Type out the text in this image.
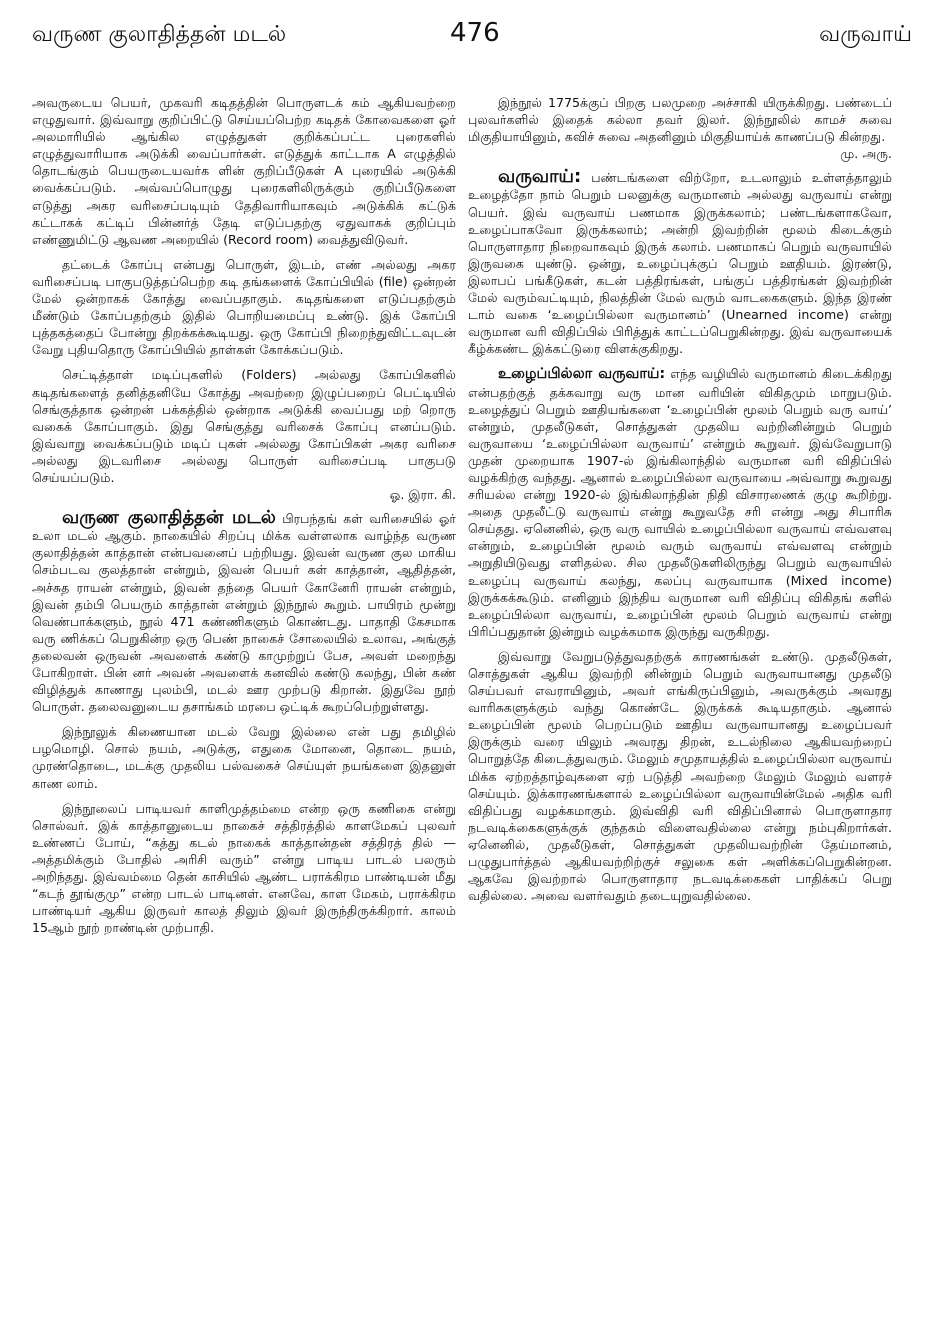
வருண குலாதித்தன் மடல்	476	வருவாய்

அவருடைய பெயர், முகவரி கடிதத்தின் பொருளடக் கம் ஆகியவற்றை எழுதுவார். இவ்வாறு குறிப்பிட்டு செய்யப்பெற்ற கடிதக் கோவைகளை ஓர் அலமாரியில் ஆங்கில எழுத்துகள் குறிக்கப்பட்ட புரைகளில் எழுத்துவாரியாக அடுக்கி வைப்பார்கள். எடுத்துக் காட்டாக A எழுத்தில் தொடங்கும் பெயருடையவர்க ளின் குறிப்பீடுகள் A புரையில் அடுக்கி வைக்கப்படும். அவ்வப்பொழுது புரைகளிலிருக்கும் குறிப்பீடுகளை எடுத்து அகர வரிசைப்படியும் தேதிவாரியாகவும் அடுக்கிக் கட்டுக் கட்டாகக் கட்டிப் பின்னர்த் தேடி எடுப்பதற்கு ஏதுவாகக் குறிப்பும் எண்ணுமிட்டு ஆவண அறையில் (Record room) வைத்துவிடுவர்.

தட்டைக் கோப்பு என்பது பொருள், இடம், எண் அல்லது அகர வரிசைப்படி பாகுபடுத்தப்பெற்ற கடி தங்களைக் கோப்பியில் (file) ஒன்றன் மேல் ஒன்றாகக் கோத்து வைப்பதாகும். கடிதங்களை எடுப்பதற்கும் மீண்டும் கோப்பதற்கும் இதில் பொறியமைப்பு உண்டு. இக் கோப்பி புத்தகத்தைப் போன்று திறக்கக்கூடியது. ஒரு கோப்பி நிறைந்துவிட்டவுடன் வேறு புதியதொரு கோப்பியில் தாள்கள் கோக்கப்படும்.

செட்டித்தாள் மடிப்புகளில் (Folders) அல்லது கோப்பிகளில் கடிதங்களைத் தனித்தனியே கோத்து அவற்றை இழுப்பறைப் பெட்டியில் செங்குத்தாக ஒன்றன் பக்கத்தில் ஒன்றாக அடுக்கி வைப்பது மற் றொரு வகைக் கோப்பாகும். இது செங்குத்து வரிசைக் கோப்பு எனப்படும். இவ்வாறு வைக்கப்படும் மடிப் புகள் அல்லது கோப்பிகள் அகர வரிசை அல்லது இடவரிசை அல்லது பொருள் வரிசைப்படி பாகுபடு செய்யப்படும்.

ஓ. இரா. கி.

வருண குலாதித்தன் மடல் பிரபந்தங் கள் வரிசையில் ஓர் உலா மடல் ஆகும். நாகையில் சிறப்பு மிக்க வள்ளலாக வாழ்ந்த வருண குலாதித்தன் காத்தான் என்பவனைப் பற்றியது. இவன் வருண குல மாகிய செம்படவ குலத்தான் என்றும், இவன் பெயர் கள் காத்தான், ஆதித்தன், அச்சுத ராயன் என்றும், இவன் தந்தை பெயர் கோனேரி ராயன் என்றும், இவன் தம்பி பெயரும் காத்தான் என்றும் இந்நூல் கூறும். பாயிரம் மூன்று வெண்பாக்களும், நூல் 471 கண்ணிகளும் கொண்டது. பாதாதி கேசமாக வரு ணிக்கப் பெறுகின்ற ஒரு பெண் நாகைச் சோலையில் உலாவ, அங்குத் தலைவன் ஒருவன் அவளைக் கண்டு காமுற்றுப் பேச, அவள் மறைந்து போகிறாள். பின் னர் அவன் அவளைக் கனவில் கண்டு கலந்து, பின் கண் விழித்துக் காணாது புலம்பி, மடல் ஊர முற்படு கிறான். இதுவே நூற் பொருள். தலைவனுடைய தசாங்கம் மரபை ஒட்டிக் கூறப்பெற்றுள்ளது.

இந்நூலுக் கிணையான மடல் வேறு இல்லை என் பது தமிழில் பழமொழி. சொல் நயம், அடுக்கு, எதுகை மோனை, தொடை நயம், முரண்தொடை, மடக்கு முதலிய பல்வகைச் செய்யுள் நயங்களை இதனுள் காண லாம்.

இந்நூலைப் பாடியவர் காளிமுத்தம்மை என்ற ஒரு கணிகை என்று சொல்வர். இக் காத்தானுடைய நாகைச் சத்திரத்தில் காளமேகப் புலவர் உண்ணப் போய், “கத்து கடல் நாகைக் காத்தான்தன் சத்திரத் தில் — அத்தமிக்கும் போதில் அரிசி வரும்” என்று பாடிய பாடல் பலரும் அறிந்தது. இவ்வம்மை தென் காசியில் ஆண்ட பராக்கிரம பாண்டியன் மீது “கடந் தூங்குமு” என்ற பாடல் பாடினள். எனவே, காள மேகம், பராக்கிரம பாண்டியர் ஆகிய இருவர் காலத் திலும் இவர் இருந்திருக்கிறார். காலம் 15ஆம் நூற் றாண்டின் முற்பாதி.

இந்நூல் 1775க்குப் பிறகு பலமுறை அச்சாகி யிருக்கிறது. பண்டைப் புலவர்களில் இதைக் கல்லா தவர் இலர். இந்நூலில் காமச் சுவை மிகுதியாயினும், கவிச் சுவை அதனினும் மிகுதியாய்க் காணப்படு கின்றது.

மு. அரு.

வருவாய்: பண்டங்களை விற்றோ, உடலாலும் உள்ளத்தாலும் உழைத்தோ நாம் பெறும் பலனுக்கு வருமானம் அல்லது வருவாய் என்று பெயர். இவ் வருவாய் பணமாக இருக்கலாம்; பண்டங்களாகவோ, உழைப்பாகவோ இருக்கலாம்; அன்றி இவற்றின் மூலம் கிடைக்கும் பொருளாதார நிறைவாகவும் இருக் கலாம். பணமாகப் பெறும் வருவாயில் இருவகை யுண்டு. ஒன்று, உழைப்புக்குப் பெறும் ஊதியம். இரண்டு, இலாபப் பங்கீடுகள், கடன் பத்திரங்கள், பங்குப் பத்திரங்கள் இவற்றின் மேல் வரும்வட்டியும், நிலத்தின் மேல் வரும் வாடகைகளும். இந்த இரண் டாம் வகை ‘உழைப்பில்லா வருமானம்’ (Unearned income) என்று வருமான வரி விதிப்பில் பிரித்துக் காட்டப்பெறுகின்றது. இவ் வருவாயைக் கீழ்க்கண்ட இக்கட்டுரை விளக்குகிறது.

உழைப்பில்லா வருவாய்: எந்த வழியில் வருமானம் கிடைக்கிறது என்பதற்குத் தக்கவாறு வரு மான வரியின் விகிதமும் மாறுபடும். உழைத்துப் பெறும் ஊதியங்களை ‘உழைப்பின் மூலம் பெறும் வரு வாய்’ என்றும், முதலீடுகள், சொத்துகள் முதலிய வற்றினின்றும் பெறும் வருவாயை ‘உழைப்பில்லா வருவாய்’ என்றும் கூறுவர். இவ்வேறுபாடு முதன் முறையாக 1907-ல் இங்கிலாந்தில் வருமான வரி விதிப்பில் வழக்கிற்கு வந்தது. ஆனால் உழைப்பில்லா வருவாயை அவ்வாறு கூறுவது சரியல்ல என்று 1920-ல் இங்கிலாந்தின் நிதி விசாரணைக் குழு கூறிற்று. அதை முதலீட்டு வருவாய் என்று கூறுவதே சரி என்று அது சிபாரிசு செய்தது. ஏனெனில், ஒரு வரு வாயில் உழைப்பில்லா வருவாய் எவ்வளவு என்றும், உழைப்பின் மூலம் வரும் வருவாய் எவ்வளவு என்றும் அறுதியிடுவது எளிதல்ல. சில முதலீடுகளிலிருந்து பெறும் வருவாயில் உழைப்பு வருவாய் கலந்து, கலப்பு வருவாயாக (Mixed income) இருக்கக்கூடும். எனினும் இந்திய வருமான வரி விதிப்பு விகிதங் களில் உழைப்பில்லா வருவாய், உழைப்பின் மூலம் பெறும் வருவாய் என்று பிரிப்பதுதான் இன்றும் வழக்கமாக இருந்து வருகிறது.

இவ்வாறு வேறுபடுத்துவதற்குக் காரணங்கள் உண்டு. முதலீடுகள், சொத்துகள் ஆகிய இவற்றி னின்றும் பெறும் வருவாயானது முதலீடு செய்பவர் எவராயினும், அவர் எங்கிருப்பினும், அவருக்கும் அவரது வாரிசுகளுக்கும் வந்து கொண்டே இருக்கக் கூடியதாகும். ஆனால் உழைப்பின் மூலம் பெறப்படும் ஊதிய வருவாயானது உழைப்பவர் இருக்கும் வரை யிலும் அவரது திறன், உடல்நிலை ஆகியவற்றைப் பொறுத்தே கிடைத்துவரும். மேலும் சமுதாயத்தில் உழைப்பில்லா வருவாய் மிக்க ஏற்றத்தாழ்வுகளை ஏற் படுத்தி அவற்றை மேலும் மேலும் வளரச் செய்யும். இக்காரணங்களால் உழைப்பில்லா வருவாயின்மேல் அதிக வரி விதிப்பது வழக்கமாகும். இவ்விதி வரி விதிப்பினால் பொருளாதார நடவடிக்கைகளுக்குக் குந்தகம் விளைவதில்லை என்று நம்புகிறார்கள். ஏனெனில், முதலீடுகள், சொத்துகள் முதலியவற்றின் தேய்மானம், பழுதுபார்த்தல் ஆகியவற்றிற்குச் சலுகை கள் அளிக்கப்பெறுகின்றன. ஆகவே இவற்றால் பொருளாதார நடவடிக்கைகள் பாதிக்கப் பெறு வதில்லை. அவை வளர்வதும் தடையுறுவதில்லை.
